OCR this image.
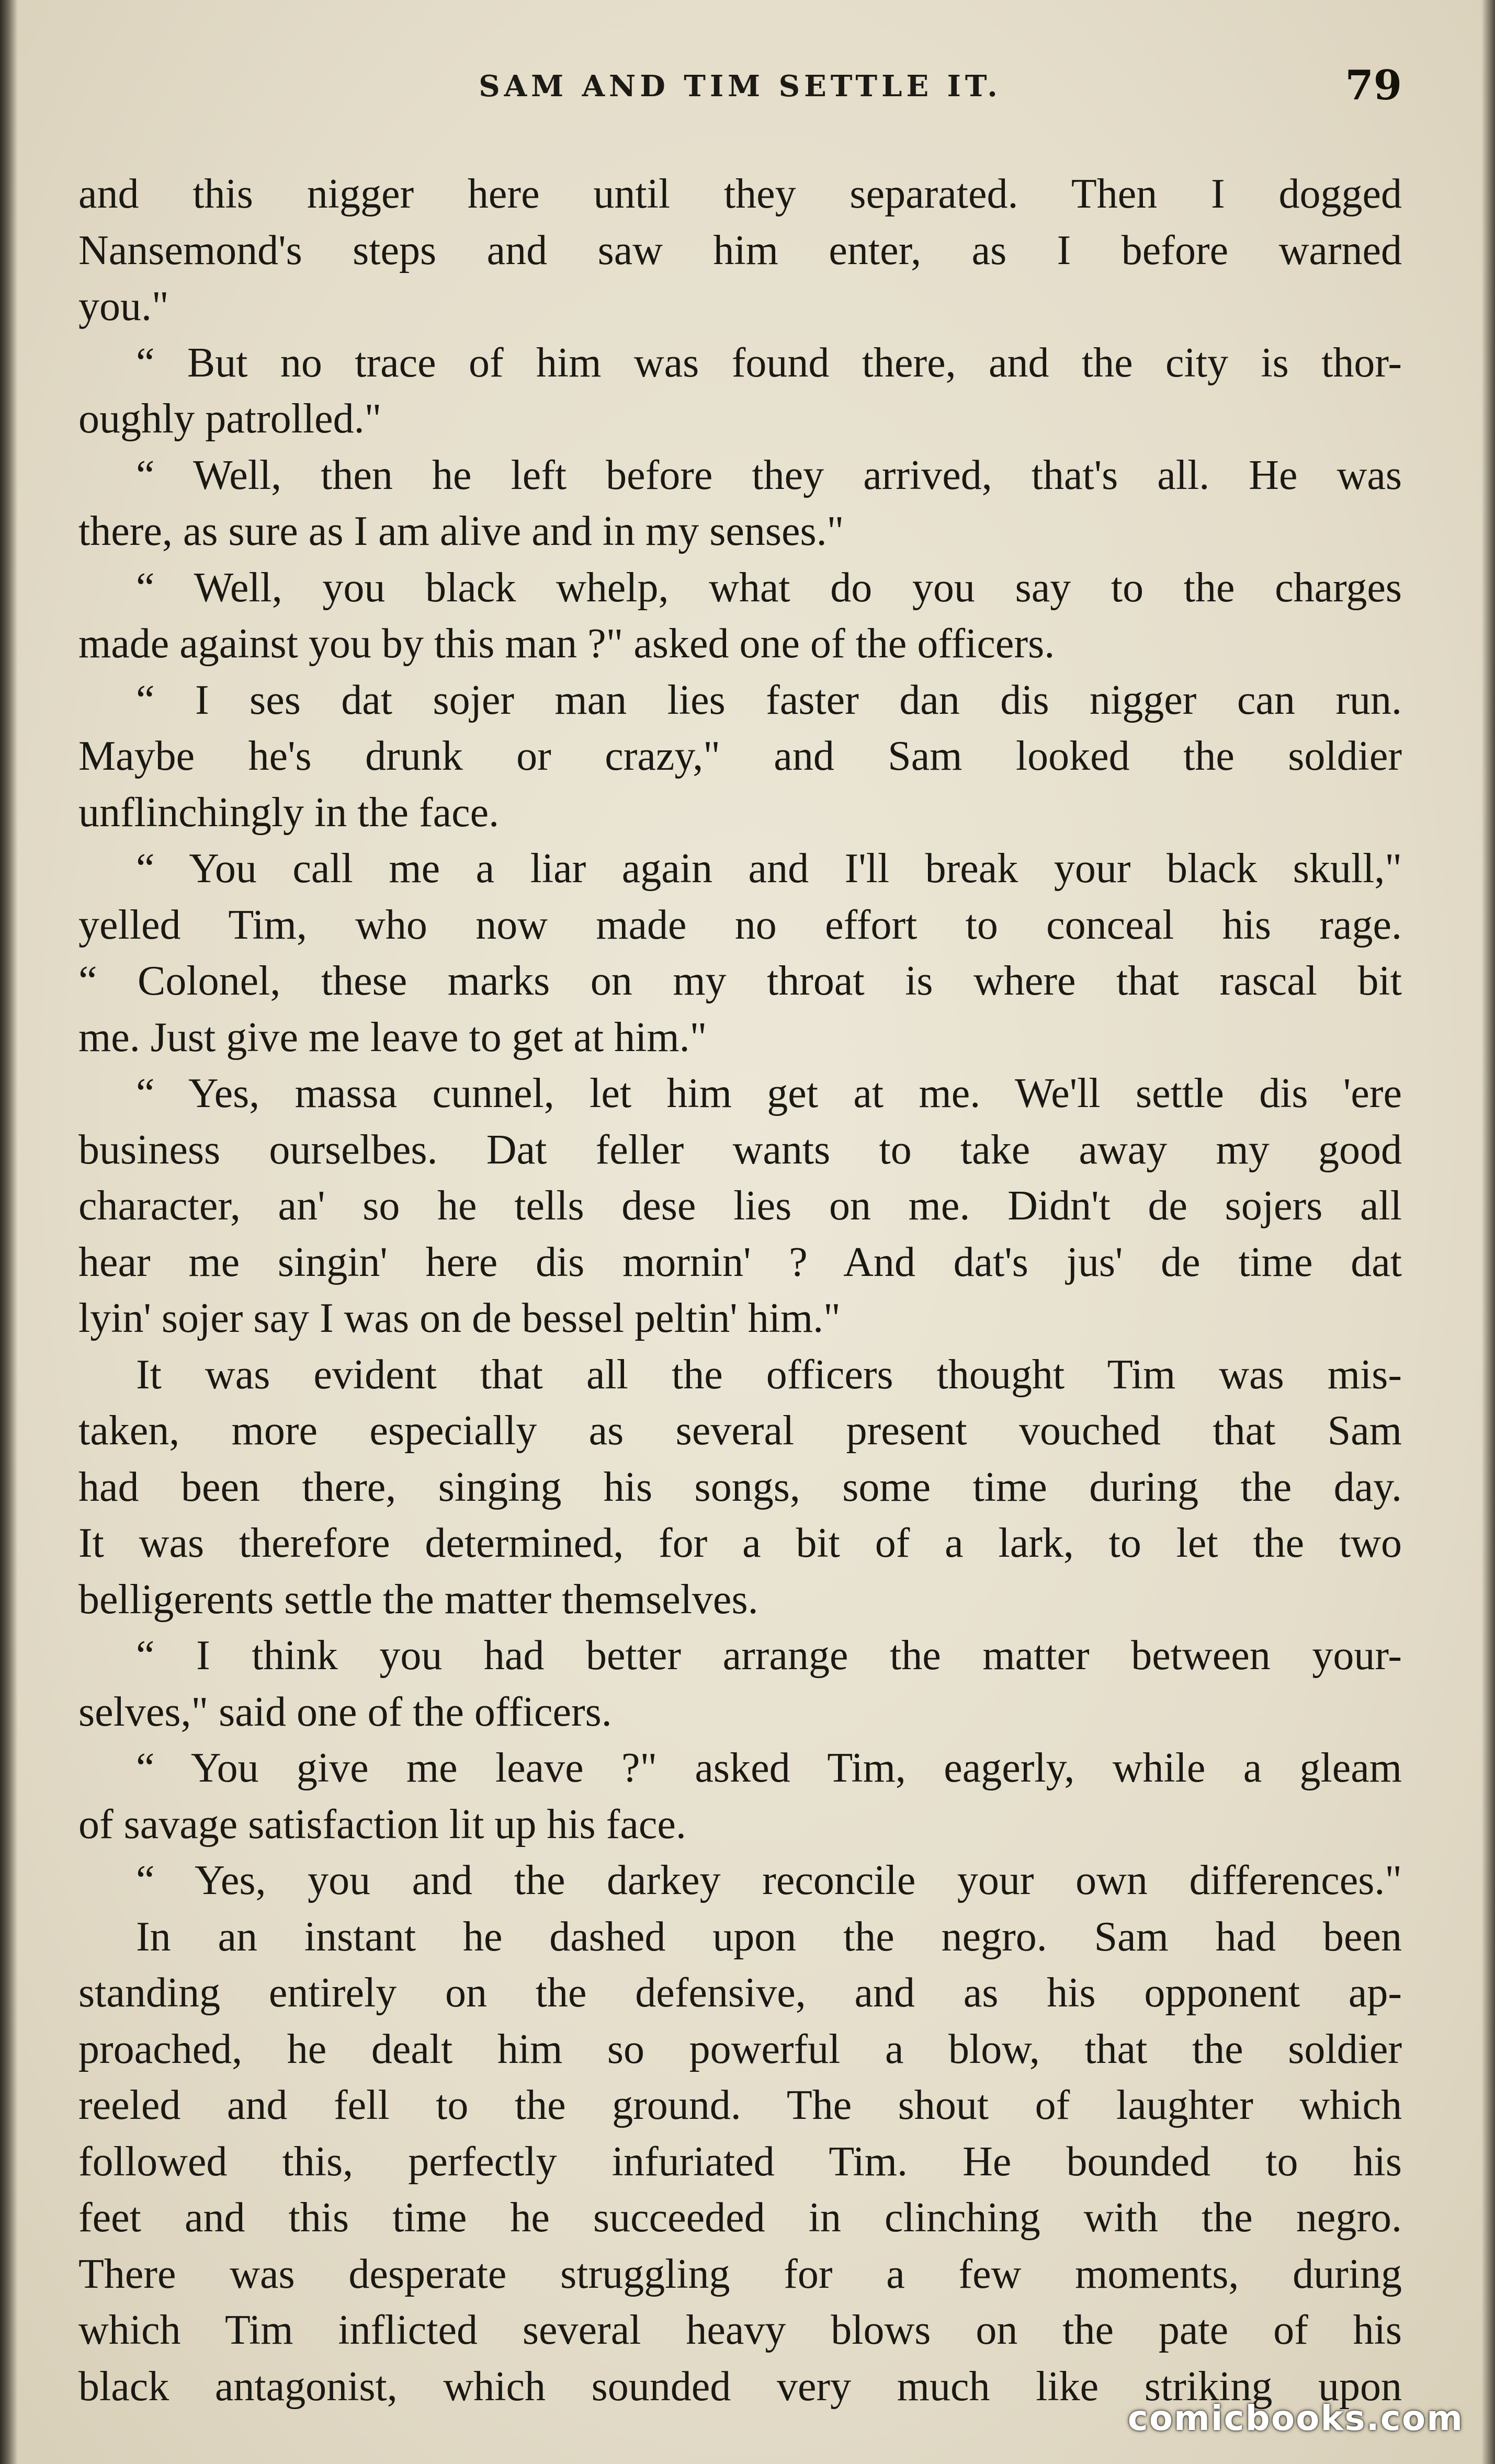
SAM AND TIM SETTLE IT.	79
and this nigger here until they separated. Then I dogged
Nansemond's steps and saw him enter, as I before warned
you."
“ But no trace of him was found there, and the city is thor-
oughly patrolled."
“ Well, then he left before they arrived, that's all. He was
there, as sure as I am alive and in my senses."
“ Well, you black whelp, what do you say to the charges
made against you by this man ?" asked one of the officers.
“ I ses dat sojer man lies faster dan dis nigger can run.
Maybe he's drunk or crazy," and Sam looked the soldier
unflinchingly in the face.
“ You call me a liar again and I'll break your black skull,"
yelled Tim, who now made no effort to conceal his rage.
“ Colonel, these marks on my throat is where that rascal bit
me. Just give me leave to get at him."
“ Yes, massa cunnel, let him get at me. We'll settle dis 'ere
business ourselbes. Dat feller wants to take away my good
character, an' so he tells dese lies on me. Didn't de sojers all
hear me singin' here dis mornin' ? And dat's jus' de time dat
lyin' sojer say I was on de bessel peltin' him."
It was evident that all the officers thought Tim was mis-
taken, more especially as several present vouched that Sam
had been there, singing his songs, some time during the day.
It was therefore determined, for a bit of a lark, to let the two
belligerents settle the matter themselves.
“ I think you had better arrange the matter between your-
selves," said one of the officers.
“ You give me leave ?" asked Tim, eagerly, while a gleam
of savage satisfaction lit up his face.
“ Yes, you and the darkey reconcile your own differences."
In an instant he dashed upon the negro. Sam had been
standing entirely on the defensive, and as his opponent ap-
proached, he dealt him so powerful a blow, that the soldier
reeled and fell to the ground. The shout of laughter which
followed this, perfectly infuriated Tim. He bounded to his
feet and this time he succeeded in clinching with the negro.
There was desperate struggling for a few moments, during
which Tim inflicted several heavy blows on the pate of his
black antagonist, which sounded very much like striking upon
comicbooks.com
